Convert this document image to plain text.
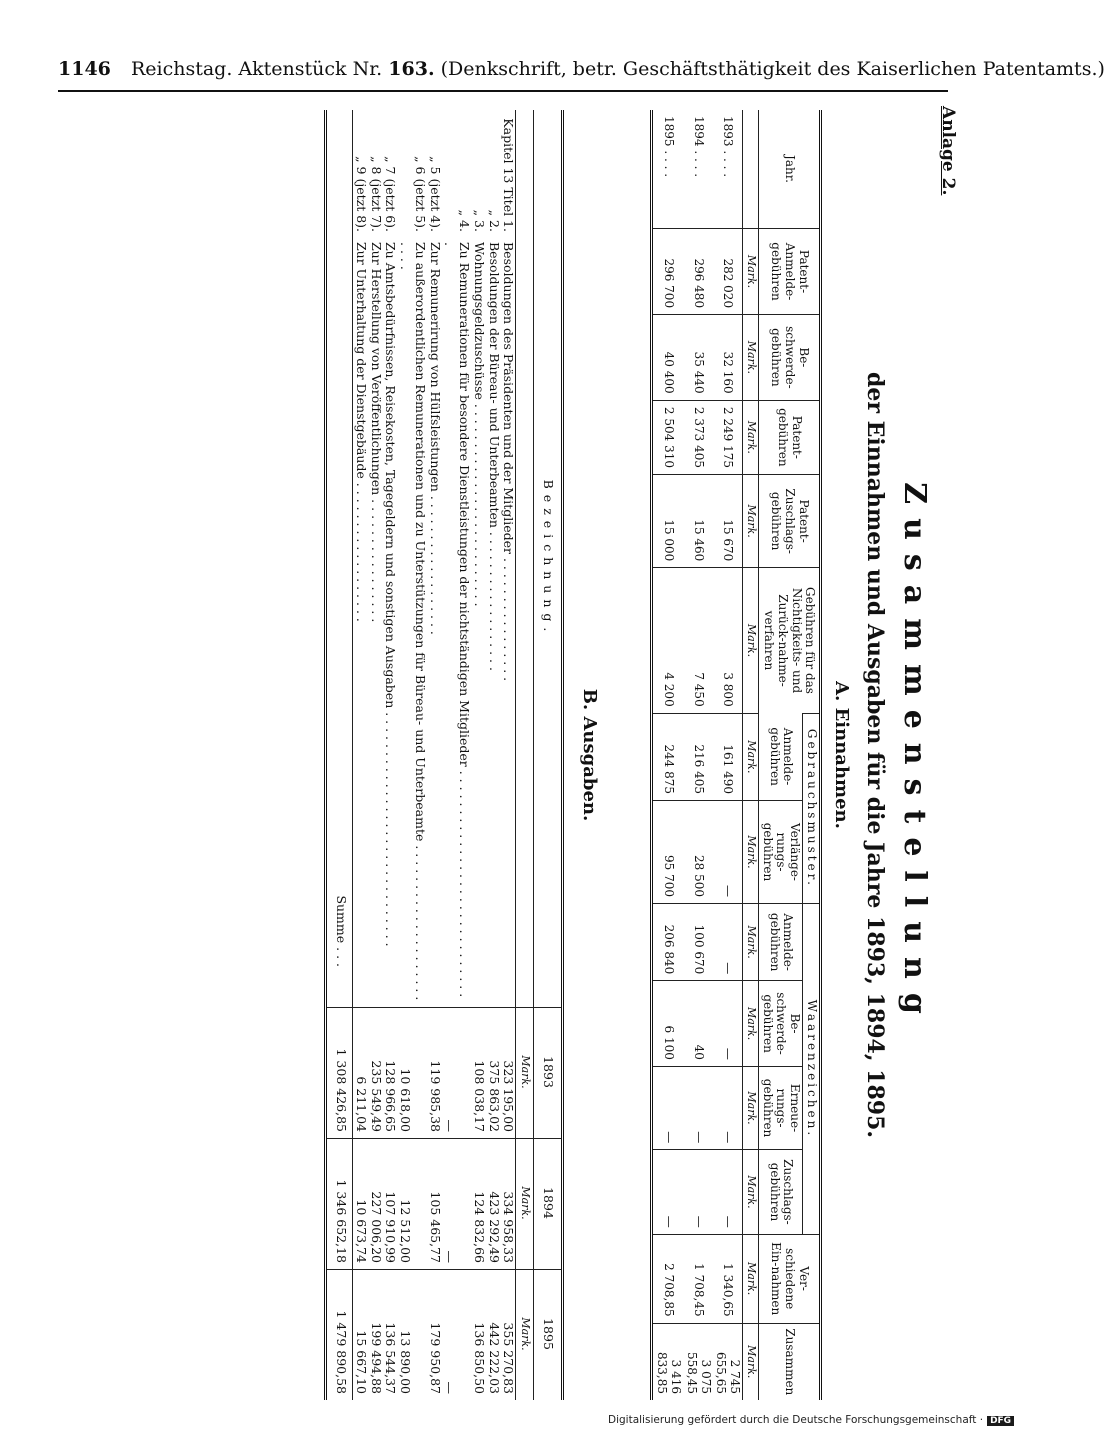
1146 Reichstag. Aktenstück Nr. 163. (Denkschrift, betr. Geschäftsthätigkeit des Kaiserlichen Patentamts.)
Anlage 2.
Zusammenstellung
der Einnahmen und Ausgaben für die Jahre 1893, 1894, 1895.
A. Einnahmen.
Jahr.	Patent-Anmelde-gebühren	Be-schwerde-gebühren	Patent-gebühren	Patent-Zuschlags-gebühren	Gebühren für das Nichtigkeits- und Zurück-nahme-verfahren	Gebrauchsmuster.		Waarenzeichen.				Ver-schiedene Ein-nahmen	Zusammen
						Anmelde-gebühren	Verlänge-rungs-gebühren	Anmelde-gebühren	Be-schwerde-gebühren	Erneue-rungs-gebühren	Zuschlags-gebühren		
	Mark.	Mark.	Mark.	Mark.	Mark.	Mark.	Mark.	Mark.	Mark.	Mark.	Mark.	Mark.	Mark.
1893 . . . .	282 020	32 160	2 249 175	15 670	3 800	161 490	—	—	—	—	—	1 340,65	2 745 655,65
1894 . . . .	296 480	35 440	2 373 405	15 460	7 450	216 405	28 500	100 670	40	—	—	1 708,45	3 075 558,45
1895 . . . .	296 700	40 400	2 504 310	15 000	4 200	244 875	95 700	206 840	6 100	—	—	2 708,85	3 416 833,85
B. Ausgaben.
Bezeichnung.		1893	1894	1895
		Mark.	Mark.	Mark.
Kapitel 13 Titel 1.	Besoldungen des Präsidenten und der Mitglieder . . . . . . . . . . . . . . . .	323 195,00	334 958,33	355 270,83
„ 2.	Besoldungen der Büreau- und Unterbeamten . . . . . . . . . . . . . . . . . .	375 863,02	423 292,49	442 222,03
„ 3.	Wohnungsgeldzuschüsse . . . . . . . . . . . . . . . . . . . . . . . . . .	108 038,17	124 832,66	136 850,50
„ 4.	Zu Remunerationen für besondere Dienstleistungen der nichtständigen Mitglieder . . . . . . . . . . . . . . . . . . . . . . . . . . . . . .	—	—	—
„ 5 (jetzt 4).	Zur Remunerirung von Hülfsleistungen . . . . . . . . . . . . . . . . . .	119 985,38	105 465,77	179 950,87
„ 6 (jetzt 5).	Zu außerordentlichen Remunerationen und zu Unterstützungen für Büreau- und Unterbeamte . . . . . . . . . . . . . . . . . . . . . . . .	10 618,00	12 512,00	13 890,00
„ 7 (jetzt 6).	Zu Amtsbedürfnissen, Reisekosten, Tagegeldern und sonstigen Ausgaben . . . . . . . . . . . . . . . . . . . . . . . . . . . . . .	128 966,65	107 910,99	136 544,37
„ 8 (jetzt 7).	Zur Herstellung von Veröffentlichungen . . . . . . . . . . . . . . . .	235 549,49	227 006,20	199 494,88
„ 9 (jetzt 8).	Zur Unterhaltung der Dienstgebäude . . . . . . . . . . . . . . . . . .	6 211,04	10 673,74	15 667,10
	Summe . . .	1 308 426,85	1 346 652,18	1 479 890,58
Digitalisierung gefördert durch die Deutsche Forschungsgemeinschaft · DFG
